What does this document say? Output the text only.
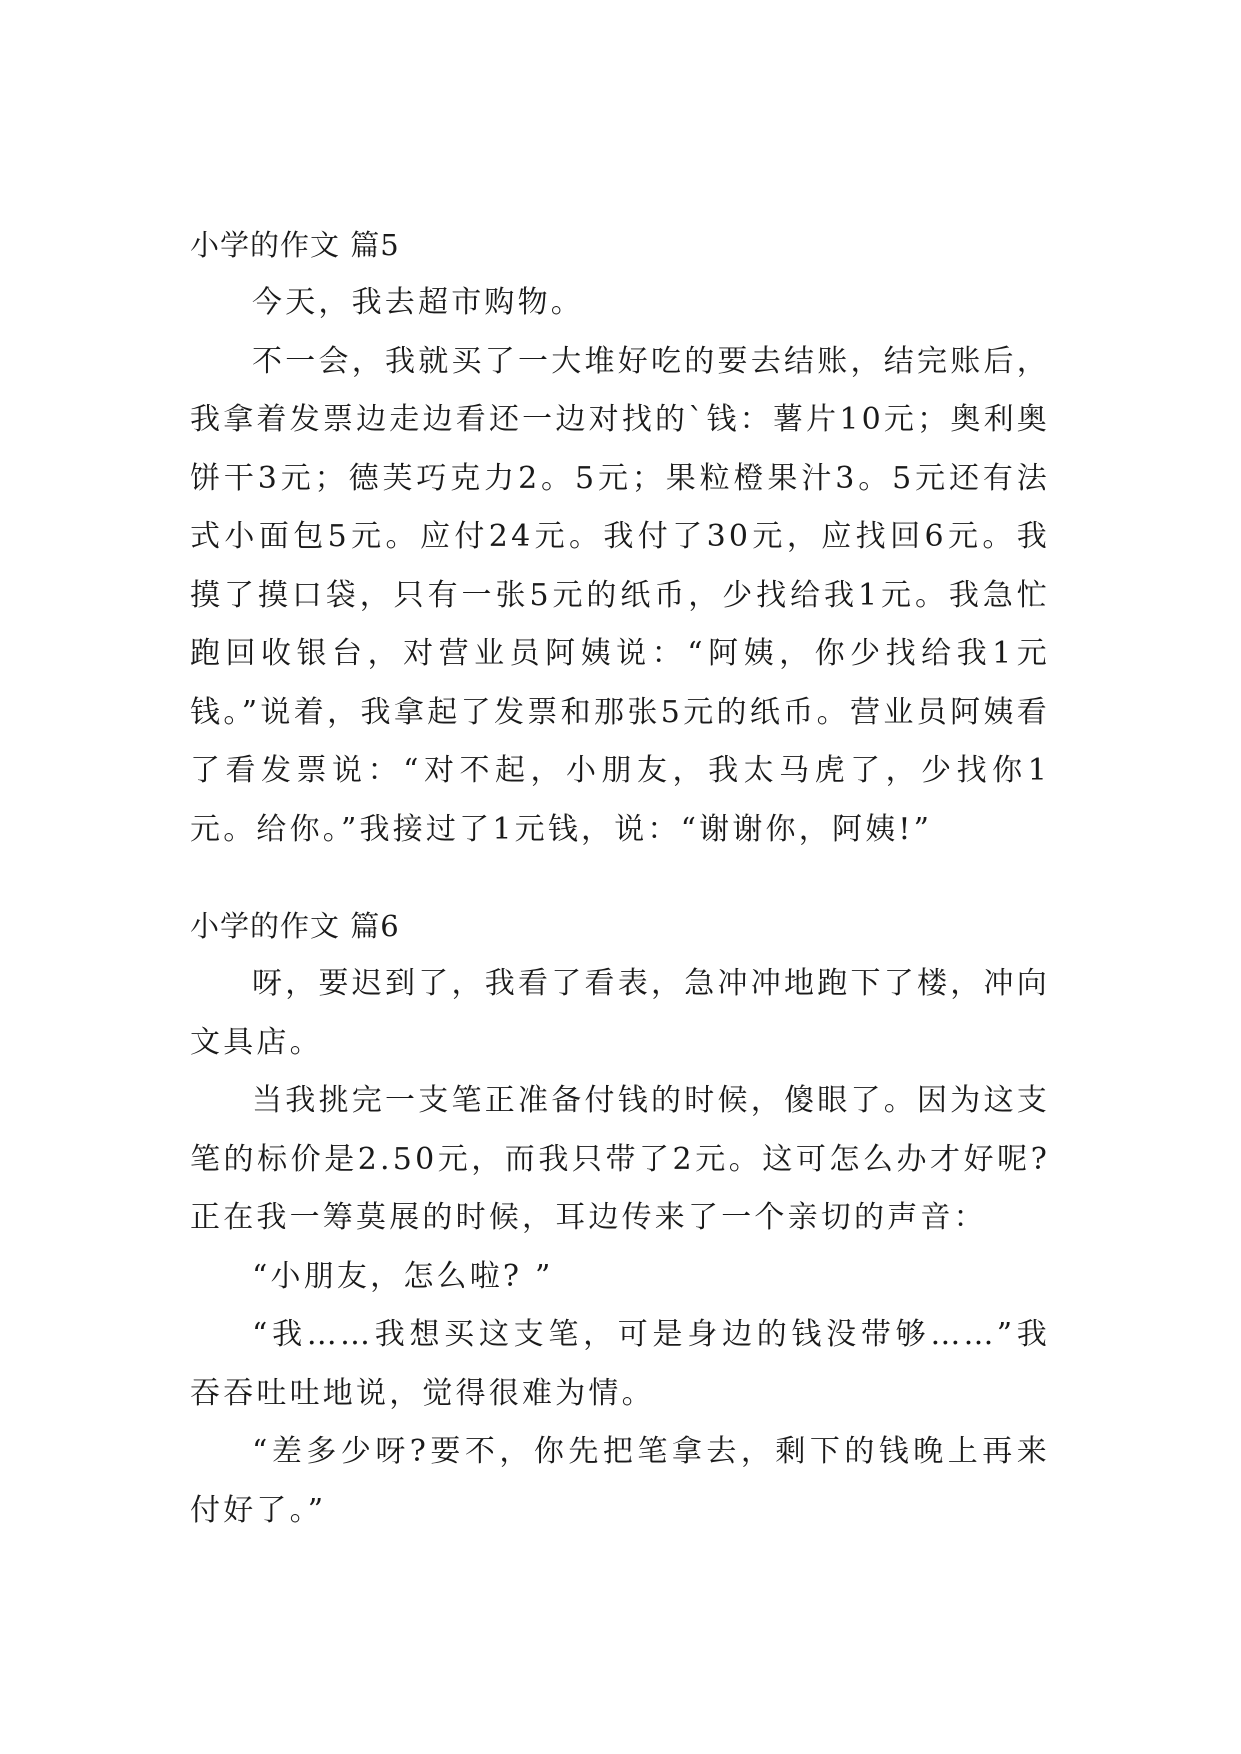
小学的作文 篇5

今天，我去超市购物。

不一会，我就买了一大堆好吃的要去结账，结完账后，我拿着发票边走边看还一边对找的`钱：薯片10元；奥利奥饼干3元；德芙巧克力2。5元；果粒橙果汁3。5元还有法式小面包5元。应付24元。我付了30元，应找回6元。我摸了摸口袋，只有一张5元的纸币，少找给我1元。我急忙跑回收银台，对营业员阿姨说：“阿姨，你少找给我1元钱。”说着，我拿起了发票和那张5元的纸币。营业员阿姨看了看发票说：“对不起，小朋友，我太马虎了，少找你1元。给你。”我接过了1元钱，说：“谢谢你，阿姨!”

小学的作文 篇6

呀，要迟到了，我看了看表，急冲冲地跑下了楼，冲向文具店。

当我挑完一支笔正准备付钱的时候，傻眼了。因为这支笔的标价是2.50元，而我只带了2元。这可怎么办才好呢?正在我一筹莫展的时候，耳边传来了一个亲切的声音：

“小朋友，怎么啦? ”

“我……我想买这支笔，可是身边的钱没带够……”我吞吞吐吐地说，觉得很难为情。

“差多少呀?要不，你先把笔拿去，剩下的钱晚上再来付好了。”
